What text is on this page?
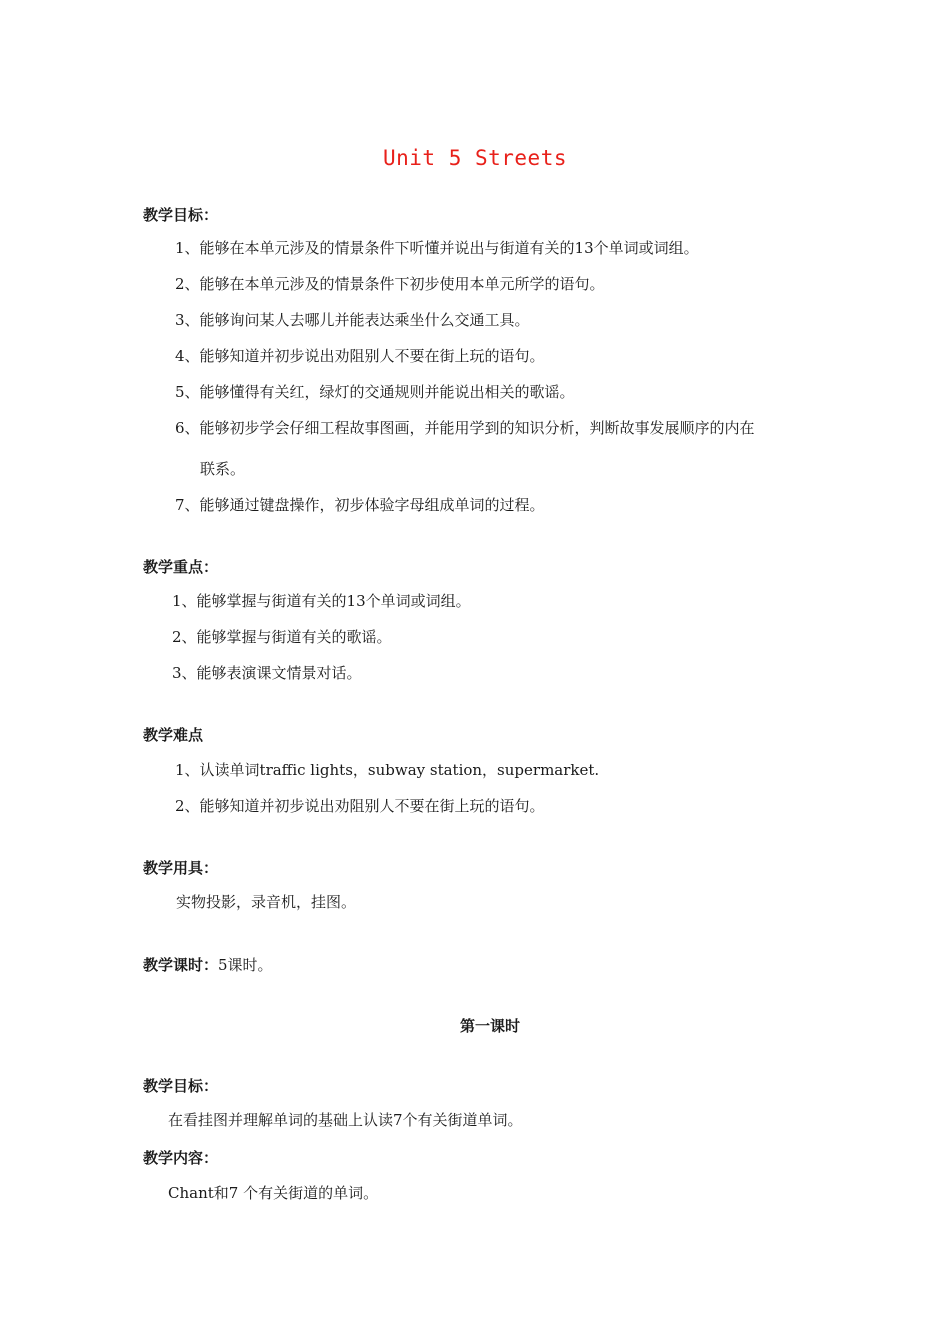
Unit 5 Streets
教学目标：
1、能够在本单元涉及的情景条件下听懂并说出与街道有关的13个单词或词组。
2、能够在本单元涉及的情景条件下初步使用本单元所学的语句。
3、能够询问某人去哪儿并能表达乘坐什么交通工具。
4、能够知道并初步说出劝阻别人不要在街上玩的语句。
5、能够懂得有关红，绿灯的交通规则并能说出相关的歌谣。
6、能够初步学会仔细工程故事图画，并能用学到的知识分析，判断故事发展顺序的内在
联系。
7、能够通过键盘操作，初步体验字母组成单词的过程。
教学重点：
1、能够掌握与街道有关的13个单词或词组。
2、能够掌握与街道有关的歌谣。
3、能够表演课文情景对话。
教学难点
1、认读单词traffic lights，subway station，supermarket.
2、能够知道并初步说出劝阻别人不要在街上玩的语句。
教学用具：
实物投影，录音机，挂图。
教学课时：5课时。
第一课时
教学目标：
在看挂图并理解单词的基础上认读7个有关街道单词。
教学内容：
Chant和7 个有关街道的单词。
